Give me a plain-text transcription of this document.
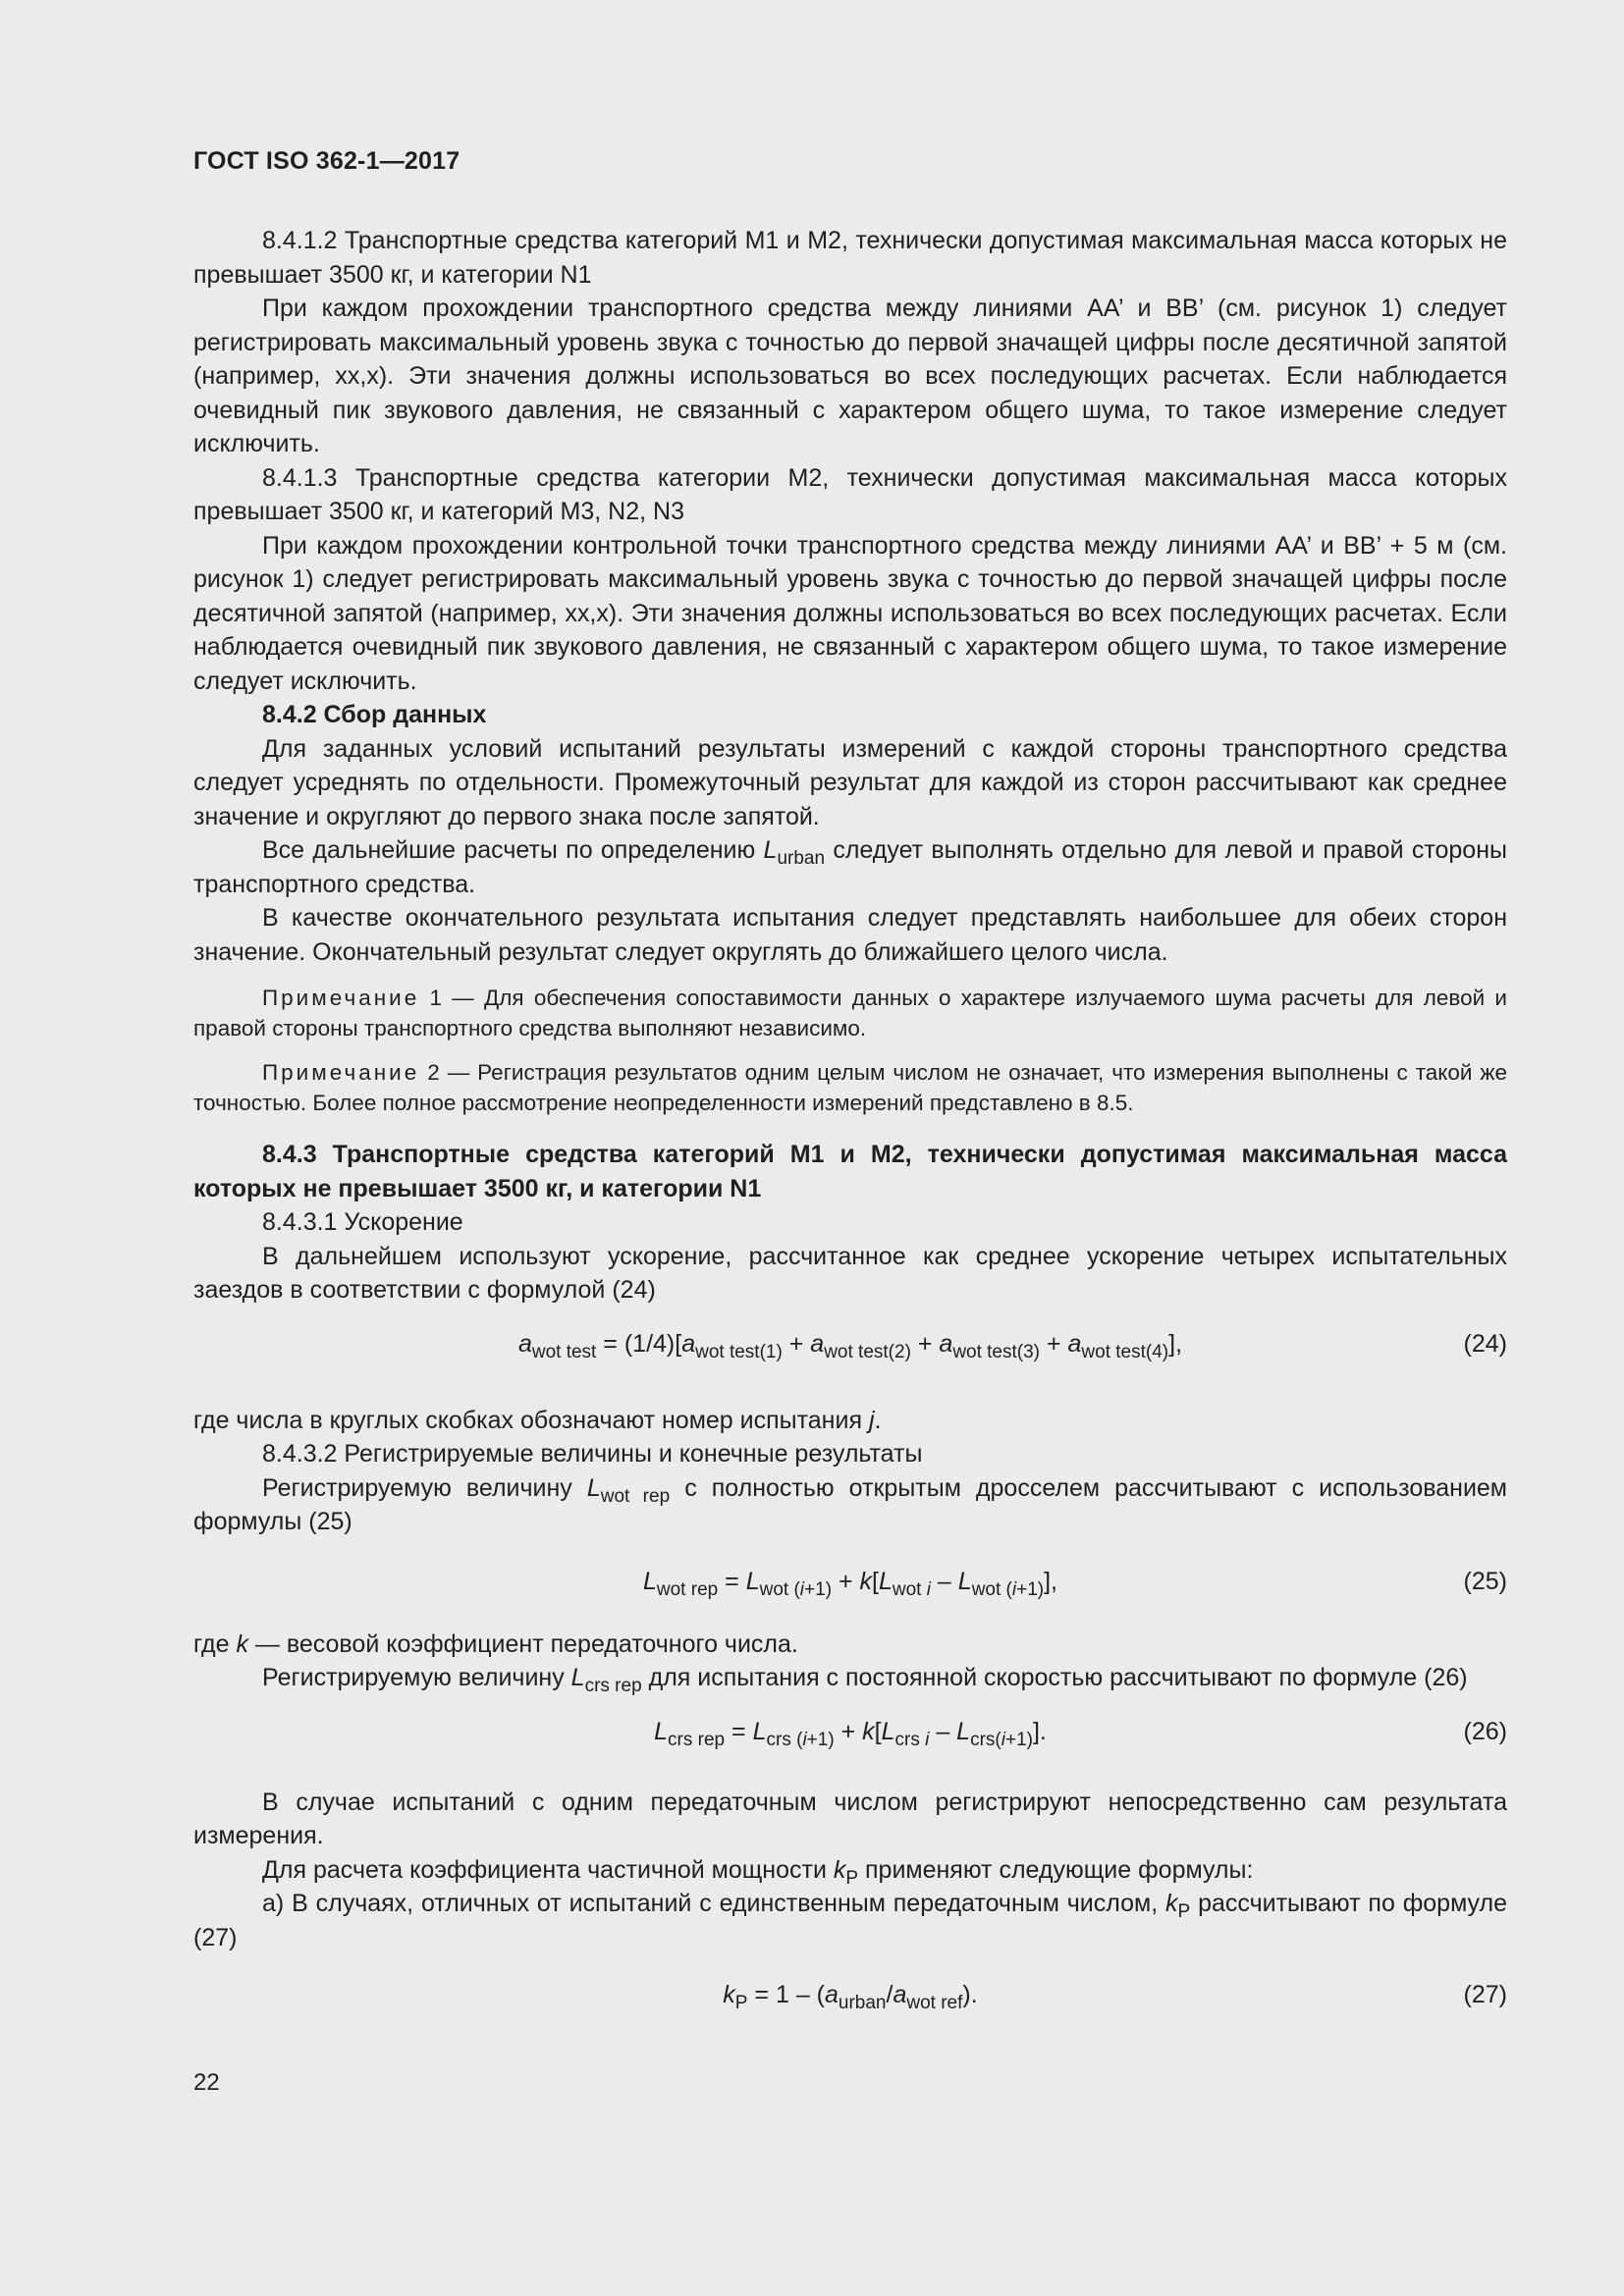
ГОСТ ISO 362-1—2017

8.4.1.2 Транспортные средства категорий М1 и М2, технически допустимая максимальная масса которых не превышает 3500 кг, и категории N1

При каждом прохождении транспортного средства между линиями АА’ и ВВ’ (см. рисунок 1) следует регистрировать максимальный уровень звука с точностью до первой значащей цифры после десятичной запятой (например, хх,х). Эти значения должны использоваться во всех последующих расчетах. Если наблюдается очевидный пик звукового давления, не связанный с характером общего шума, то такое измерение следует исключить.

8.4.1.3 Транспортные средства категории М2, технически допустимая максимальная масса которых превышает 3500 кг, и категорий М3, N2, N3

При каждом прохождении контрольной точки транспортного средства между линиями АА’ и ВВ’ + 5 м (см. рисунок 1) следует регистрировать максимальный уровень звука с точностью до первой значащей цифры после десятичной запятой (например, хх,х). Эти значения должны использоваться во всех последующих расчетах. Если наблюдается очевидный пик звукового давления, не связанный с характером общего шума, то такое измерение следует исключить.

8.4.2 Сбор данных

Для заданных условий испытаний результаты измерений с каждой стороны транспортного средства следует усреднять по отдельности. Промежуточный результат для каждой из сторон рассчитывают как среднее значение и округляют до первого знака после запятой.

Все дальнейшие расчеты по определению $L_{urban}$ следует выполнять отдельно для левой и правой стороны транспортного средства.

В качестве окончательного результата испытания следует представлять наибольшее для обеих сторон значение. Окончательный результат следует округлять до ближайшего целого числа.

Примечание 1 — Для обеспечения сопоставимости данных о характере излучаемого шума расчеты для левой и правой стороны транспортного средства выполняют независимо.

Примечание 2 — Регистрация результатов одним целым числом не означает, что измерения выполнены с такой же точностью. Более полное рассмотрение неопределенности измерений представлено в 8.5.

8.4.3 Транспортные средства категорий М1 и М2, технически допустимая максимальная масса которых не превышает 3500 кг, и категории N1

8.4.3.1 Ускорение

В дальнейшем используют ускорение, рассчитанное как среднее ускорение четырех испытательных заездов в соответствии с формулой (24)

$a_{wot test} = (1/4)[a_{wot test(1)} + a_{wot test(2)} + a_{wot test(3)} + a_{wot test(4)}]$,	(24)

где числа в круглых скобках обозначают номер испытания j.

8.4.3.2 Регистрируемые величины и конечные результаты

Регистрируемую величину $L_{wot rep}$ с полностью открытым дросселем рассчитывают с использованием формулы (25)

$L_{wot rep} = L_{wot (i+1)} + k[L_{wot i} - L_{wot (i+1)}]$,	(25)

где k — весовой коэффициент передаточного числа.

Регистрируемую величину $L_{crs rep}$ для испытания с постоянной скоростью рассчитывают по формуле (26)

$L_{crs rep} = L_{crs (i+1)} + k[L_{crs i} - L_{crs(i+1)}]$.	(26)

В случае испытаний с одним передаточным числом регистрируют непосредственно сам результата измерения.

Для расчета коэффициента частичной мощности $k_P$ применяют следующие формулы:

a) В случаях, отличных от испытаний с единственным передаточным числом, $k_P$ рассчитывают по формуле (27)

$k_P = 1 - (a_{urban}/a_{wot ref})$.	(27)
22
